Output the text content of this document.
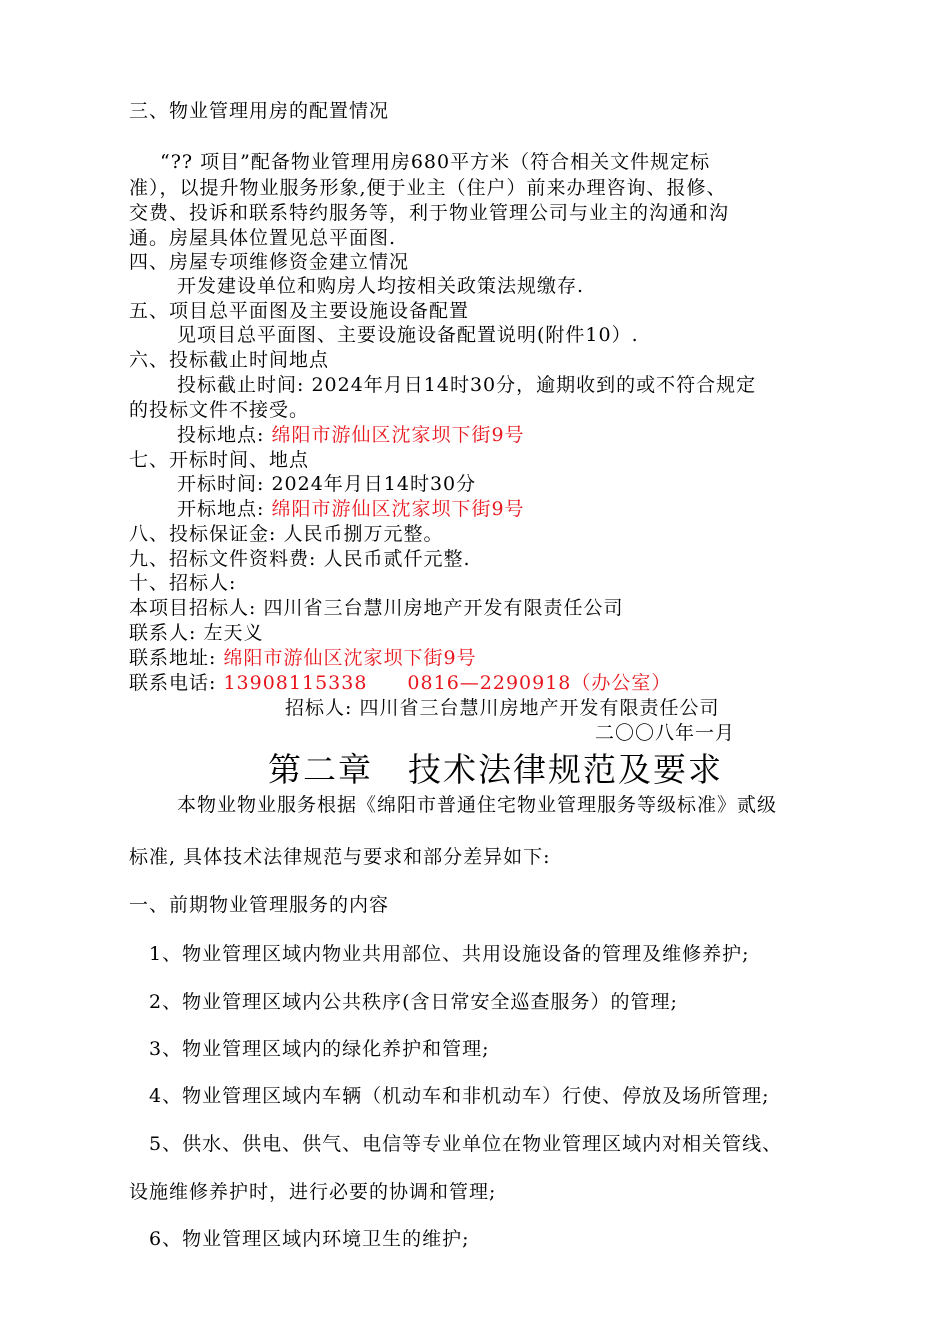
三、物业管理用房的配置情况
“?? 项目”配备物业管理用房680平方米（符合相关文件规定标
准），以提升物业服务形象,便于业主（住户）前来办理咨询、报修、
交费、投诉和联系特约服务等，利于物业管理公司与业主的沟通和沟
通。房屋具体位置见总平面图.
四、房屋专项维修资金建立情况
开发建设单位和购房人均按相关政策法规缴存.
五、项目总平面图及主要设施设备配置
见项目总平面图、主要设施设备配置说明(附件10）.
六、投标截止时间地点
投标截止时间: 2024年月日14时30分，逾期收到的或不符合规定
的投标文件不接受。
投标地点: 绵阳市游仙区沈家坝下街9号
七、开标时间、地点
开标时间: 2024年月日14时30分
开标地点: 绵阳市游仙区沈家坝下街9号
八、投标保证金: 人民币捌万元整。
九、招标文件资料费: 人民币贰仟元整.
十、招标人:
本项目招标人: 四川省三台慧川房地产开发有限责任公司
联系人: 左天义
联系地址: 绵阳市游仙区沈家坝下街9号
联系电话: 13908115338　　0816—2290918（办公室）
招标人: 四川省三台慧川房地产开发有限责任公司
二〇〇八年一月
第二章　技术法律规范及要求
本物业物业服务根据《绵阳市普通住宅物业管理服务等级标准》贰级
标准, 具体技术法律规范与要求和部分差异如下:
一、前期物业管理服务的内容
1、物业管理区域内物业共用部位、共用设施设备的管理及维修养护;
2、物业管理区域内公共秩序(含日常安全巡查服务）的管理;
3、物业管理区域内的绿化养护和管理;
4、物业管理区域内车辆（机动车和非机动车）行使、停放及场所管理;
5、供水、供电、供气、电信等专业单位在物业管理区域内对相关管线、
设施维修养护时，进行必要的协调和管理;
6、物业管理区域内环境卫生的维护;
